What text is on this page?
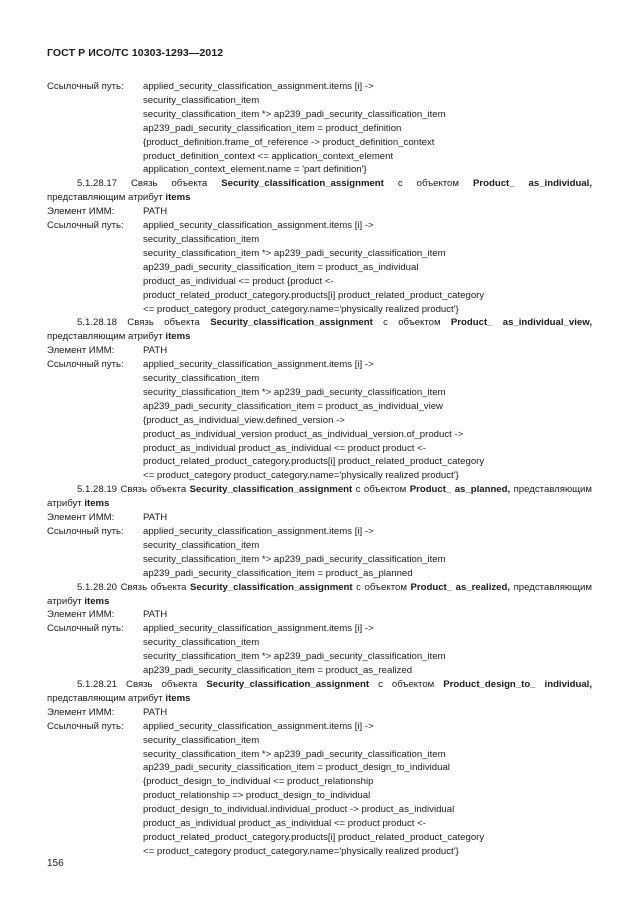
ГОСТ Р ИСО/ТС 10303-1293—2012
Ссылочный путь:	applied_security_classification_assignment.items [i] ->
security_classification_item
security_classification_item *> ap239_padi_security_classification_item
ap239_padi_security_classification_item = product_definition
{product_definition.frame_of_reference -> product_definition_context
product_definition_context <= application_context_element
application_context_element.name = 'part definition'}
5.1.28.17 Связь объекта Security_classification_assignment с объектом Product_ as_individual, представляющим атрибут items
Элемент ИММ:	PATH
Ссылочный путь:	applied_security_classification_assignment.items [i] ->
security_classification_item
security_classification_item *> ap239_padi_security_classification_item
ap239_padi_security_classification_item = product_as_individual
product_as_individual <= product {product <-
product_related_product_category.products[i] product_related_product_category
<= product_category product_category.name='physically realized product'}
5.1.28.18 Связь объекта Security_classification_assignment с объектом Product_ as_individual_view, представляющим атрибут items
Элемент ИММ:	PATH
Ссылочный путь:	applied_security_classification_assignment.items [i] ->
security_classification_item
security_classification_item *> ap239_padi_security_classification_item
ap239_padi_security_classification_item = product_as_individual_view
{product_as_individual_view.defined_version ->
product_as_individual_version product_as_individual_version.of_product ->
product_as_individual product_as_individual <= product product <-
product_related_product_category.products[i] product_related_product_category
<= product_category product_category.name='physically realized product'}
5.1.28.19 Связь объекта Security_classification_assignment с объектом Product_ as_planned, представляющим атрибут items
Элемент ИММ:	PATH
Ссылочный путь:	applied_security_classification_assignment.items [i] ->
security_classification_item
security_classification_item *> ap239_padi_security_classification_item
ap239_padi_security_classification_item = product_as_planned
5.1.28.20 Связь объекта Security_classification_assignment с объектом Product_ as_realized, представляющим атрибут items
Элемент ИММ:	PATH
Ссылочный путь:	applied_security_classification_assignment.items [i] ->
security_classification_item
security_classification_item *> ap239_padi_security_classification_item
ap239_padi_security_classification_item = product_as_realized
5.1.28.21 Связь объекта Security_classification_assignment с объектом Product_design_to_ individual, представляющим атрибут items
Элемент ИММ:	PATH
Ссылочный путь:	applied_security_classification_assignment.items [i] ->
security_classification_item
security_classification_item *> ap239_padi_security_classification_item
ap239_padi_security_classification_item = product_design_to_individual
{product_design_to_individual <= product_relationship
product_relationship => product_design_to_individual
product_design_to_individual.individual_product -> product_as_individual
product_as_individual product_as_individual <= product product <-
product_related_product_category.products[i] product_related_product_category
<= product_category product_category.name='physically realized product'}
156
